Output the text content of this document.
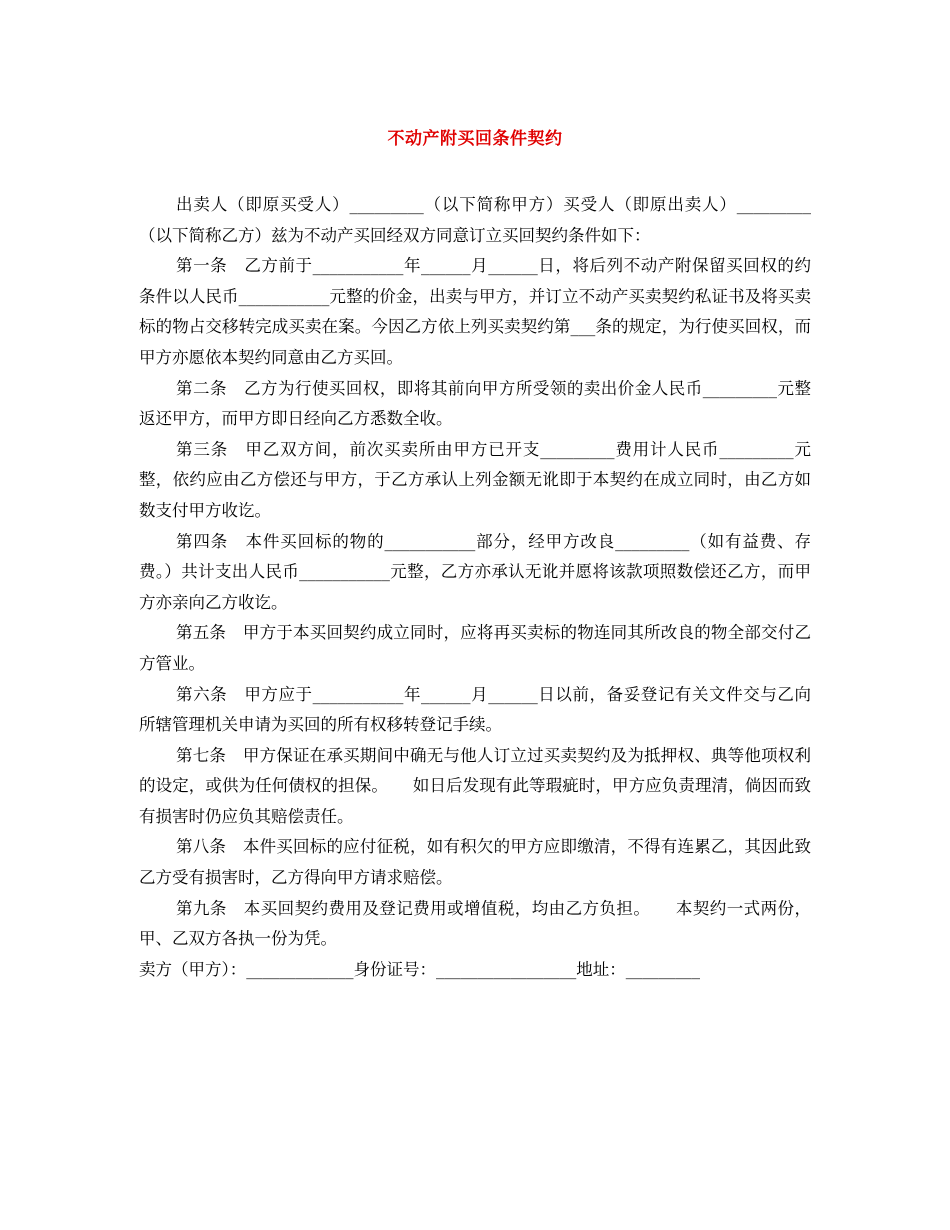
不动产附买回条件契约

出卖人（即原买受人）_________（以下简称甲方）买受人（即原出卖人）_________（以下简称乙方）兹为不动产买回经双方同意订立买回契约条件如下：

第一条　乙方前于___________年______月______日，将后列不动产附保留买回权的约条件以人民币___________元整的价金，出卖与甲方，并订立不动产买卖契约私证书及将买卖标的物占交移转完成买卖在案。今因乙方依上列买卖契约第___条的规定，为行使买回权，而甲方亦愿依本契约同意由乙方买回。

第二条　乙方为行使买回权，即将其前向甲方所受领的卖出价金人民币_________元整返还甲方，而甲方即日经向乙方悉数全收。

第三条　甲乙双方间，前次买卖所由甲方已开支_________费用计人民币_________元整，依约应由乙方偿还与甲方，于乙方承认上列金额无讹即于本契约在成立同时，由乙方如数支付甲方收讫。

第四条　本件买回标的物的___________部分，经甲方改良_________（如有益费、存费。）共计支出人民币___________元整，乙方亦承认无讹并愿将该款项照数偿还乙方，而甲方亦亲向乙方收讫。

第五条　甲方于本买回契约成立同时，应将再买卖标的物连同其所改良的物全部交付乙方管业。

第六条　甲方应于___________年______月______日以前，备妥登记有关文件交与乙向所辖管理机关申请为买回的所有权移转登记手续。

第七条　甲方保证在承买期间中确无与他人订立过买卖契约及为抵押权、典等他项权利的设定，或供为任何债权的担保。　　如日后发现有此等瑕疵时，甲方应负责理清，倘因而致有损害时仍应负其赔偿责任。

第八条　本件买回标的应付征税，如有积欠的甲方应即缴清，不得有连累乙，其因此致乙方受有损害时，乙方得向甲方请求赔偿。

第九条　本买回契约费用及登记费用或增值税，均由乙方负担。　　本契约一式两份，甲、乙双方各执一份为凭。

卖方（甲方）：_____________身份证号：_________________地址：_________
